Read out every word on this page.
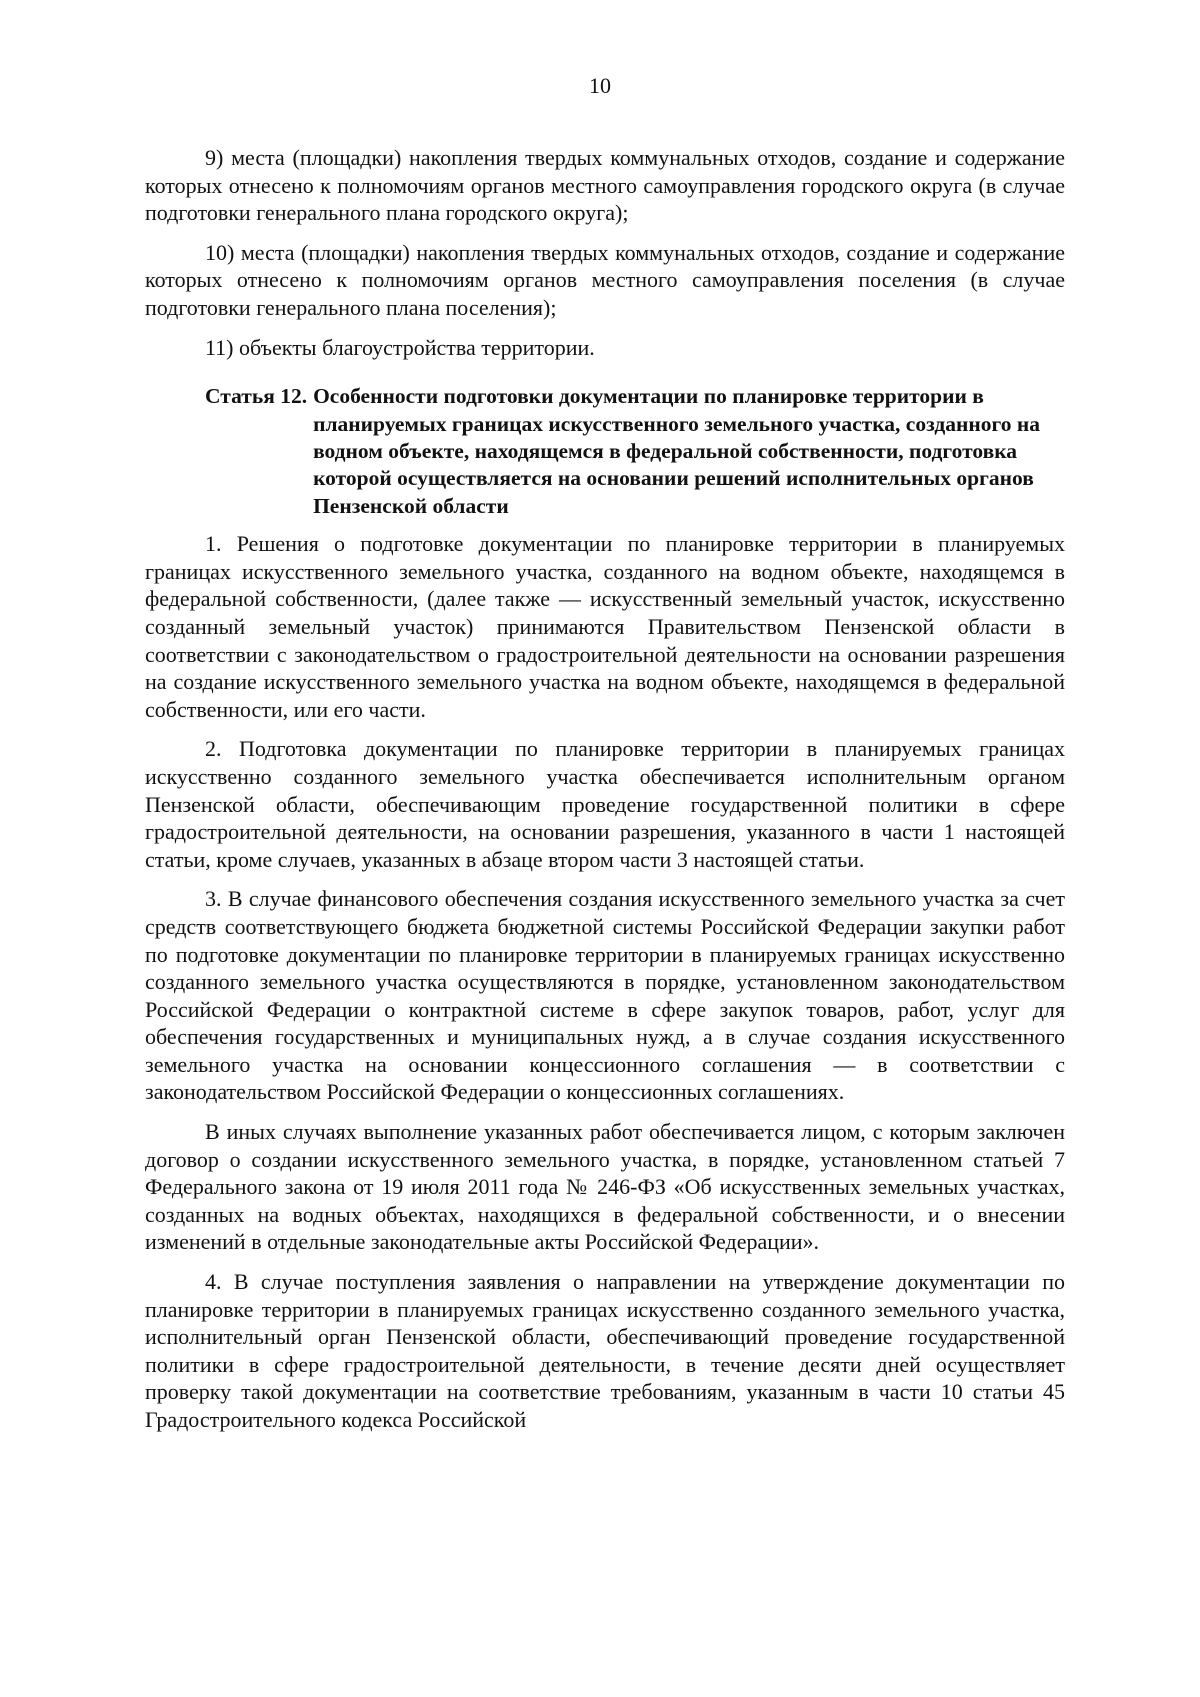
10

9) места (площадки) накопления твердых коммунальных отходов, создание и содержание которых отнесено к полномочиям органов местного самоуправления городского округа (в случае подготовки генерального плана городского округа);

10) места (площадки) накопления твердых коммунальных отходов, создание и содержание которых отнесено к полномочиям органов местного самоуправления поселения (в случае подготовки генерального плана поселения);

11) объекты благоустройства территории.

Статья 12. Особенности подготовки документации по планировке территории в планируемых границах искусственного земельного участка, созданного на водном объекте, находящемся в федеральной собственности, подготовка которой осуществляется на основании решений исполнительных органов Пензенской области

1. Решения о подготовке документации по планировке территории в планируемых границах искусственного земельного участка, созданного на водном объекте, находящемся в федеральной собственности, (далее также — искусственный земельный участок, искусственно созданный земельный участок) принимаются Правительством Пензенской области в соответствии с законодательством о градостроительной деятельности на основании разрешения на создание искусственного земельного участка на водном объекте, находящемся в федеральной собственности, или его части.

2. Подготовка документации по планировке территории в планируемых границах искусственно созданного земельного участка обеспечивается исполнительным органом Пензенской области, обеспечивающим проведение государственной политики в сфере градостроительной деятельности, на основании разрешения, указанного в части 1 настоящей статьи, кроме случаев, указанных в абзаце втором части 3 настоящей статьи.

3. В случае финансового обеспечения создания искусственного земельного участка за счет средств соответствующего бюджета бюджетной системы Российской Федерации закупки работ по подготовке документации по планировке территории в планируемых границах искусственно созданного земельного участка осуществляются в порядке, установленном законодательством Российской Федерации о контрактной системе в сфере закупок товаров, работ, услуг для обеспечения государственных и муниципальных нужд, а в случае создания искусственного земельного участка на основании концессионного соглашения — в соответствии с законодательством Российской Федерации о концессионных соглашениях.

В иных случаях выполнение указанных работ обеспечивается лицом, с которым заключен договор о создании искусственного земельного участка, в порядке, установленном статьей 7 Федерального закона от 19 июля 2011 года № 246-ФЗ «Об искусственных земельных участках, созданных на водных объектах, находящихся в федеральной собственности, и о внесении изменений в отдельные законодательные акты Российской Федерации».

4. В случае поступления заявления о направлении на утверждение документации по планировке территории в планируемых границах искусственно созданного земельного участка, исполнительный орган Пензенской области, обеспечивающий проведение государственной политики в сфере градостроительной деятельности, в течение десяти дней осуществляет проверку такой документации на соответствие требованиям, указанным в части 10 статьи 45 Градостроительного кодекса Российской
